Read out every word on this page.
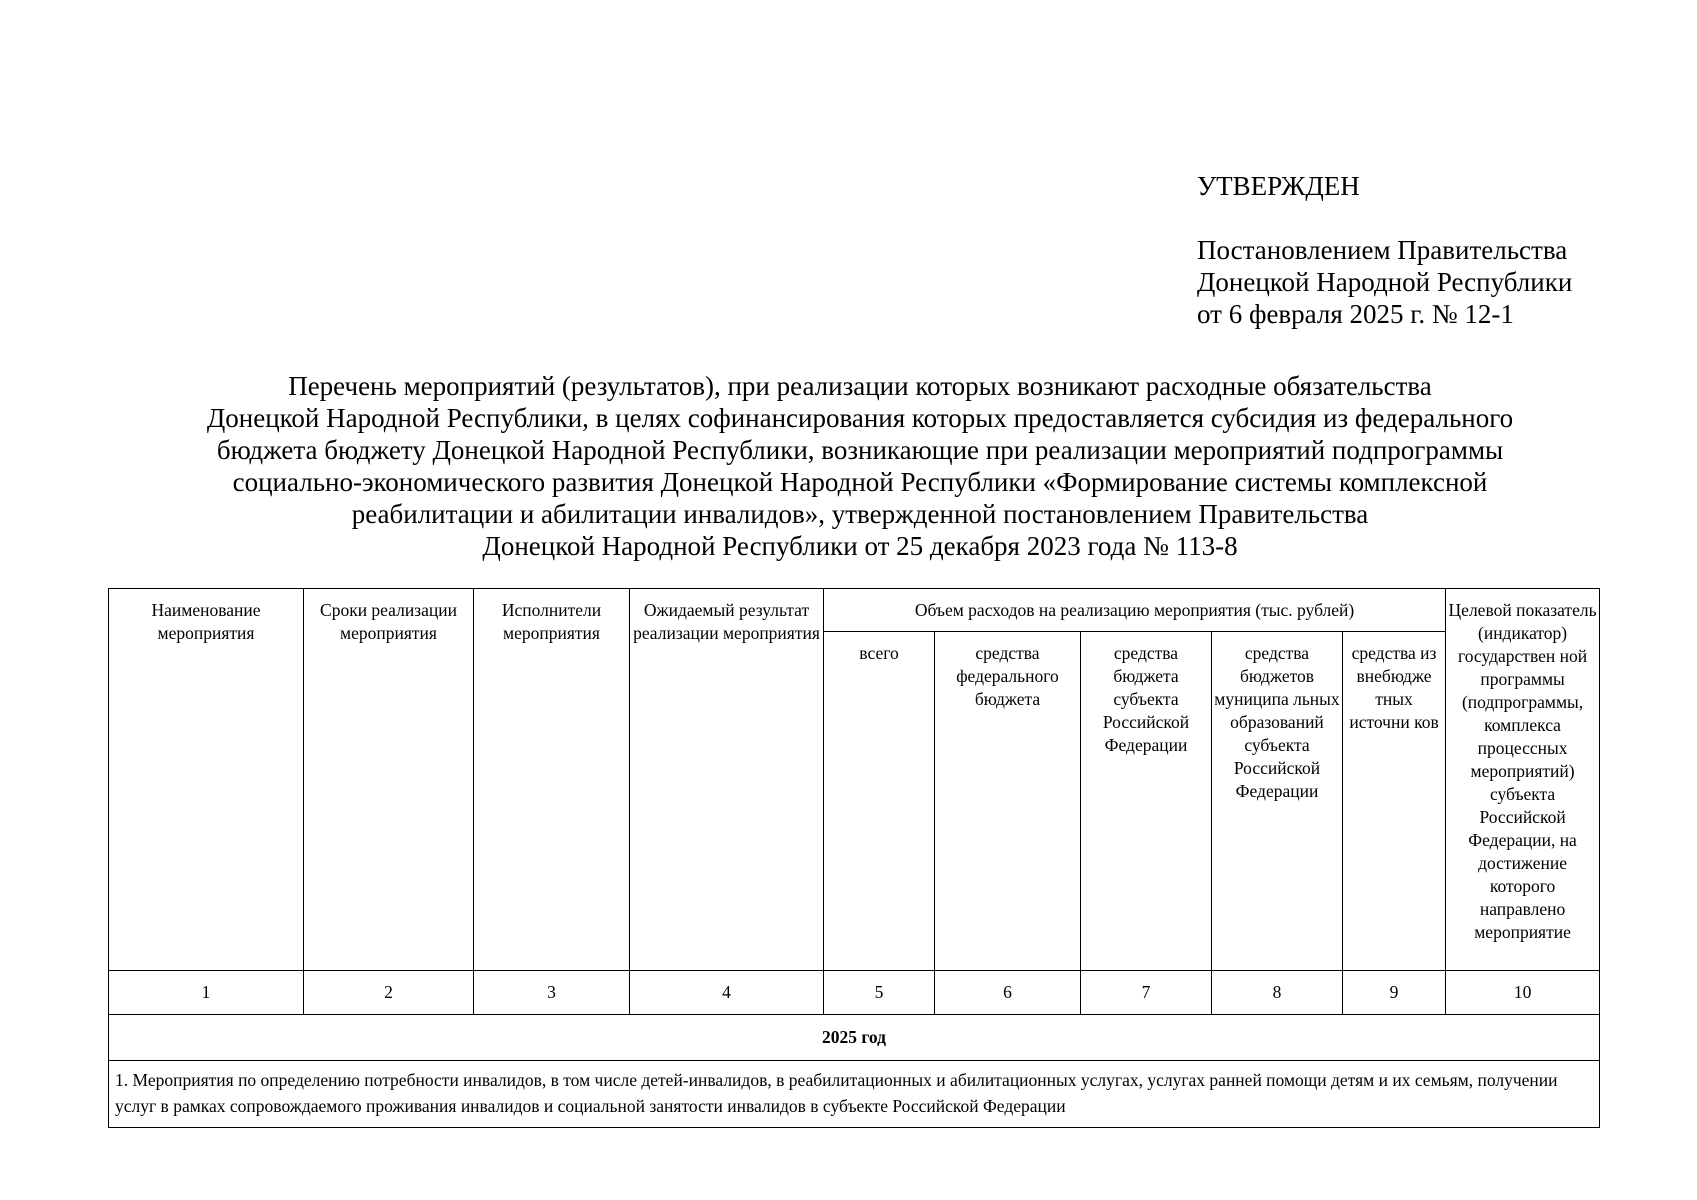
УТВЕРЖДЕН
Постановлением Правительства
Донецкой Народной Республики
от 6 февраля 2025 г. № 12-1
Перечень мероприятий (результатов), при реализации которых возникают расходные обязательства
Донецкой Народной Республики, в целях софинансирования которых предоставляется субсидия из федерального
бюджета бюджету Донецкой Народной Республики, возникающие при реализации мероприятий подпрограммы
социально-экономического развития Донецкой Народной Республики «Формирование системы комплексной
реабилитации и абилитации инвалидов», утвержденной постановлением Правительства
Донецкой Народной Республики от 25 декабря 2023 года № 113-8
Наименование мероприятия	Сроки реализации мероприятия	Исполнители мероприятия	Ожидаемый результат реализации мероприятия	Объем расходов на реализацию мероприятия (тыс. рублей)					Целевой показатель (индикатор) государствен ной программы (подпрограммы, комплекса процессных мероприятий) субъекта Российской Федерации, на достижение которого направлено мероприятие
				всего	средства федерального бюджета	средства бюджета субъекта Российской Федерации	средства бюджетов муниципа льных образований субъекта Российской Федерации	средства из внебюдже тных источни ков	
1	2	3	4	5	6	7	8	9	10
2025 год									
1. Мероприятия по определению потребности инвалидов, в том числе детей-инвалидов, в реабилитационных и абилитационных услугах, услугах ранней помощи детям и их семьям, получении услуг в рамках сопровождаемого проживания инвалидов и социальной занятости инвалидов в субъекте Российской Федерации									
